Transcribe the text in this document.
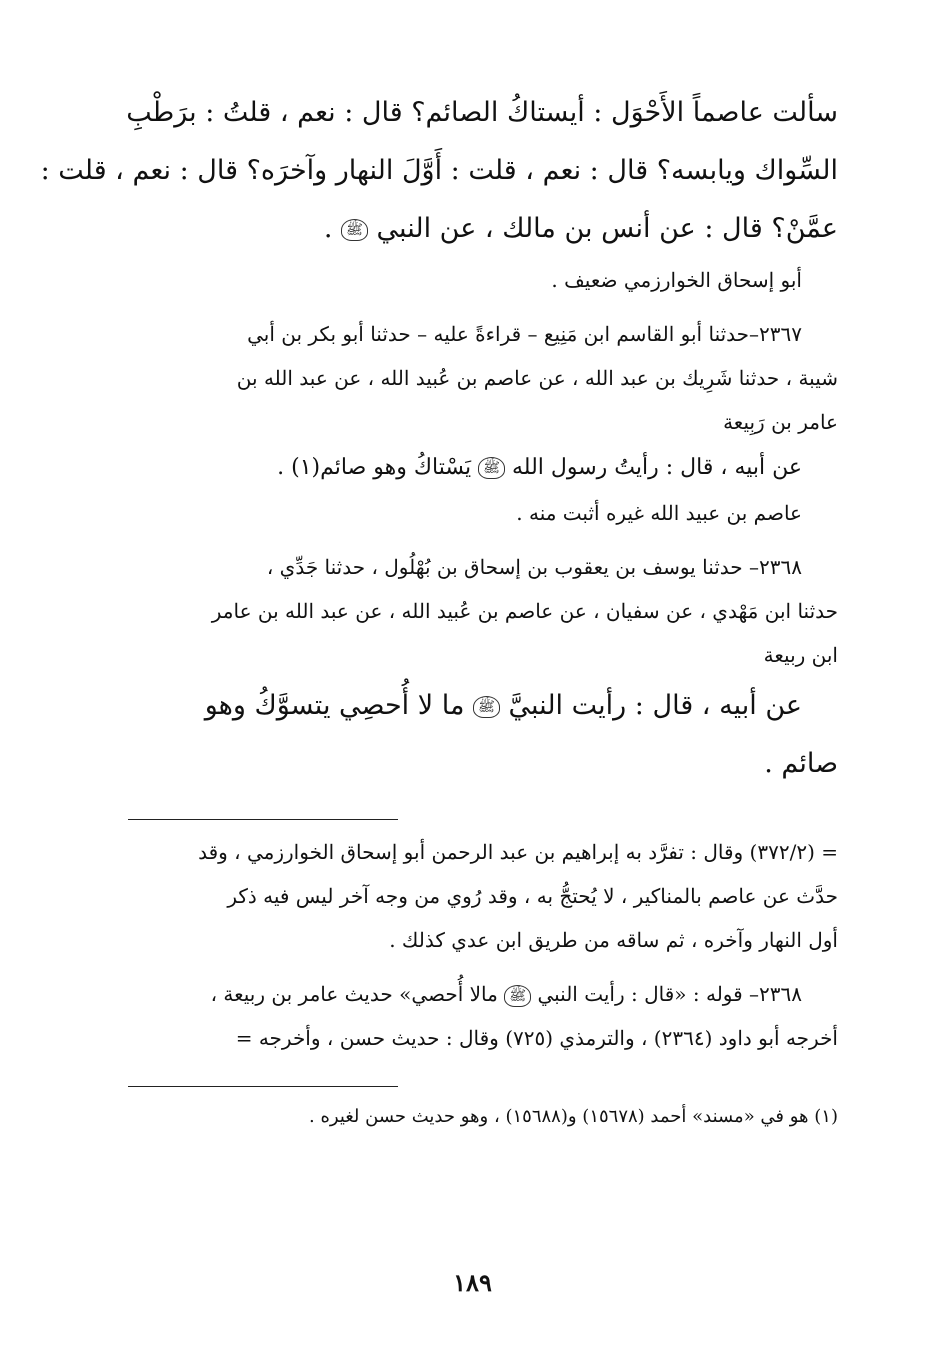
سألت عاصماً الأَحْوَل : أيستاكُ الصائم؟ قال : نعم ، قلتُ : برَطْبِ
السِّواك ويابسه؟ قال : نعم ، قلت : أَوَّلَ النهار وآخرَه؟ قال : نعم ، قلت :
عمَّنْ؟ قال : عن أنس بن مالك ، عن النبي ﷺ .
أبو إسحاق الخوارزمي ضعيف .
٢٣٦٧–حدثنا أبو القاسم ابن مَنِيع – قراءةً عليه – حدثنا أبو بكر بن أبي
شيبة ، حدثنا شَرِيك بن عبد الله ، عن عاصم بن عُبيد الله ، عن عبد الله بن
عامر بن رَبِيعة
عن أبيه ، قال : رأيتُ رسول الله ﷺ يَسْتاكُ وهو صائم(١) .
عاصم بن عبيد الله غيره أثبت منه .
٢٣٦٨– حدثنا يوسف بن يعقوب بن إسحاق بن بُهْلُول ، حدثنا جَدِّي ،
حدثنا ابن مَهْدي ، عن سفيان ، عن عاصم بن عُبيد الله ، عن عبد الله بن عامر
ابن ربيعة
عن أبيه ، قال : رأيت النبيَّ ﷺ ما لا أُحصِي يتسوَّكُ وهو
صائم .
= (٣٧٢/٢) وقال : تفرَّد به إبراهيم بن عبد الرحمن أبو إسحاق الخوارزمي ، وقد
حدَّث عن عاصم بالمناكير ، لا يُحتجُّ به ، وقد رُوي من وجه آخر ليس فيه ذكر
أول النهار وآخره ، ثم ساقه من طريق ابن عدي كذلك .
٢٣٦٨– قوله : «قال : رأيت النبي ﷺ مالا أُحصي» حديث عامر بن ربيعة ،
أخرجه أبو داود (٢٣٦٤) ، والترمذي (٧٢٥) وقال : حديث حسن ، وأخرجه =
(١) هو في «مسند» أحمد (١٥٦٧٨) و(١٥٦٨٨) ، وهو حديث حسن لغيره .
١٨٩
